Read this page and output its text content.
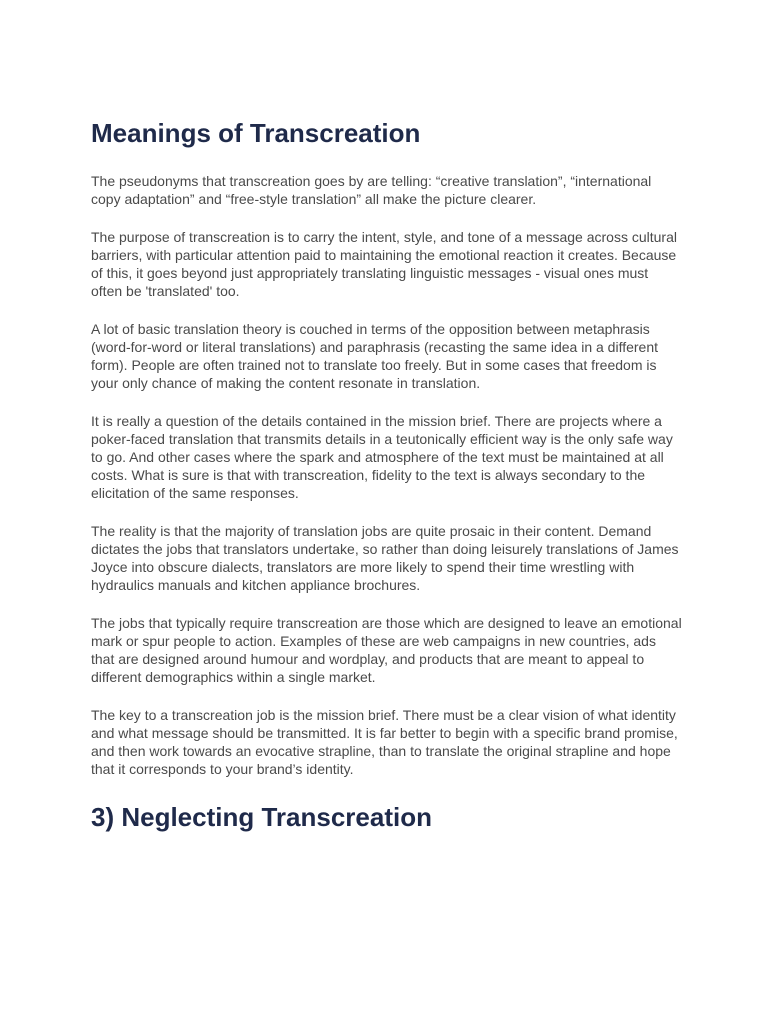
Meanings of Transcreation

The pseudonyms that transcreation goes by are telling: “creative translation”, “international copy adaptation” and “free-style translation” all make the picture clearer.

The purpose of transcreation is to carry the intent, style, and tone of a message across cultural barriers, with particular attention paid to maintaining the emotional reaction it creates. Because of this, it goes beyond just appropriately translating linguistic messages - visual ones must often be 'translated' too.

A lot of basic translation theory is couched in terms of the opposition between metaphrasis (word-for-word or literal translations) and paraphrasis (recasting the same idea in a different form). People are often trained not to translate too freely. But in some cases that freedom is your only chance of making the content resonate in translation.

It is really a question of the details contained in the mission brief. There are projects where a poker-faced translation that transmits details in a teutonically efficient way is the only safe way to go. And other cases where the spark and atmosphere of the text must be maintained at all costs. What is sure is that with transcreation, fidelity to the text is always secondary to the elicitation of the same responses.

The reality is that the majority of translation jobs are quite prosaic in their content. Demand dictates the jobs that translators undertake, so rather than doing leisurely translations of James Joyce into obscure dialects, translators are more likely to spend their time wrestling with hydraulics manuals and kitchen appliance brochures.

The jobs that typically require transcreation are those which are designed to leave an emotional mark or spur people to action. Examples of these are web campaigns in new countries, ads that are designed around humour and wordplay, and products that are meant to appeal to different demographics within a single market.

The key to a transcreation job is the mission brief. There must be a clear vision of what identity and what message should be transmitted. It is far better to begin with a specific brand promise, and then work towards an evocative strapline, than to translate the original strapline and hope that it corresponds to your brand’s identity.

3) Neglecting Transcreation
